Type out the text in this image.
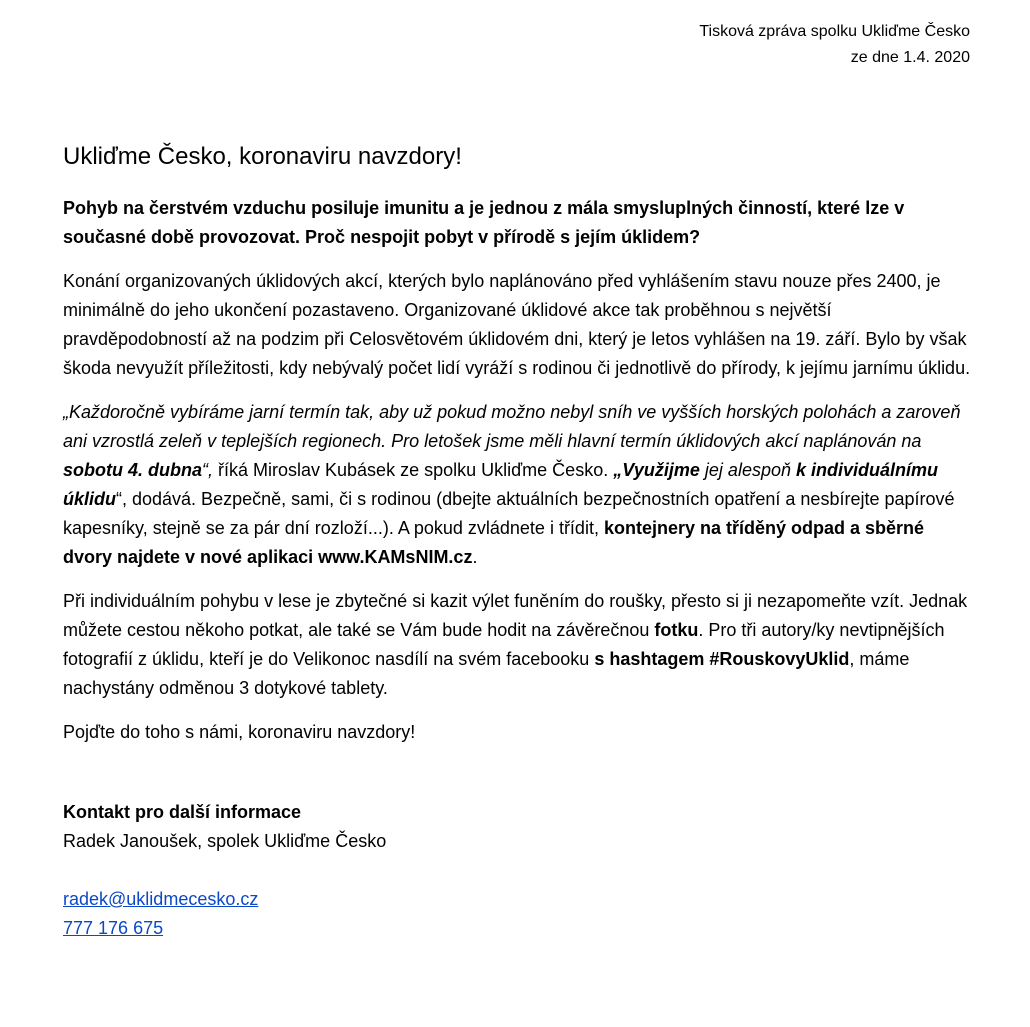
Tisková zpráva spolku Ukliďme Česko
ze dne 1.4. 2020
Ukliďme Česko, koronaviru navzdory!

Pohyb na čerstvém vzduchu posiluje imunitu a je jednou z mála smysluplných činností, které lze v současné době provozovat. Proč nespojit pobyt v přírodě s jejím úklidem?

Konání organizovaných úklidových akcí, kterých bylo naplánováno před vyhlášením stavu nouze přes 2400, je minimálně do jeho ukončení pozastaveno. Organizované úklidové akce tak proběhnou s největší pravděpodobností až na podzim při Celosvětovém úklidovém dni, který je letos vyhlášen na 19. září. Bylo by však škoda nevyužít příležitosti, kdy nebývalý počet lidí vyráží s rodinou či jednotlivě do přírody, k jejímu jarnímu úklidu.

„Každoročně vybíráme jarní termín tak, aby už pokud možno nebyl sníh ve vyšších horských polohách a zaroveň ani vzrostlá zeleň v teplejších regionech. Pro letošek jsme měli hlavní termín úklidových akcí naplánován na sobotu 4. dubna“, říká Miroslav Kubásek ze spolku Ukliďme Česko. „Využijme jej alespoň k individuálnímu úklidu“, dodává. Bezpečně, sami, či s rodinou (dbejte aktuálních bezpečnostních opatření a nesbírejte papírové kapesníky, stejně se za pár dní rozloží...). A pokud zvládnete i třídit, kontejnery na tříděný odpad a sběrné dvory najdete v nové aplikaci www.KAMsNIM.cz.

Při individuálním pohybu v lese je zbytečné si kazit výlet funěním do roušky, přesto si ji nezapomeňte vzít. Jednak můžete cestou někoho potkat, ale také se Vám bude hodit na závěrečnou fotku. Pro tři autory/ky nevtipnějších fotografií z úklidu, kteří je do Velikonoc nasdílí na svém facebooku s hashtagem #RouskovyUklid, máme nachystány odměnou 3 dotykové tablety.

Pojďte do toho s námi, koronaviru navzdory!

Kontakt pro další informace

Radek Janoušek, spolek Ukliďme Česko

radek@uklidmecesko.cz

777 176 675
